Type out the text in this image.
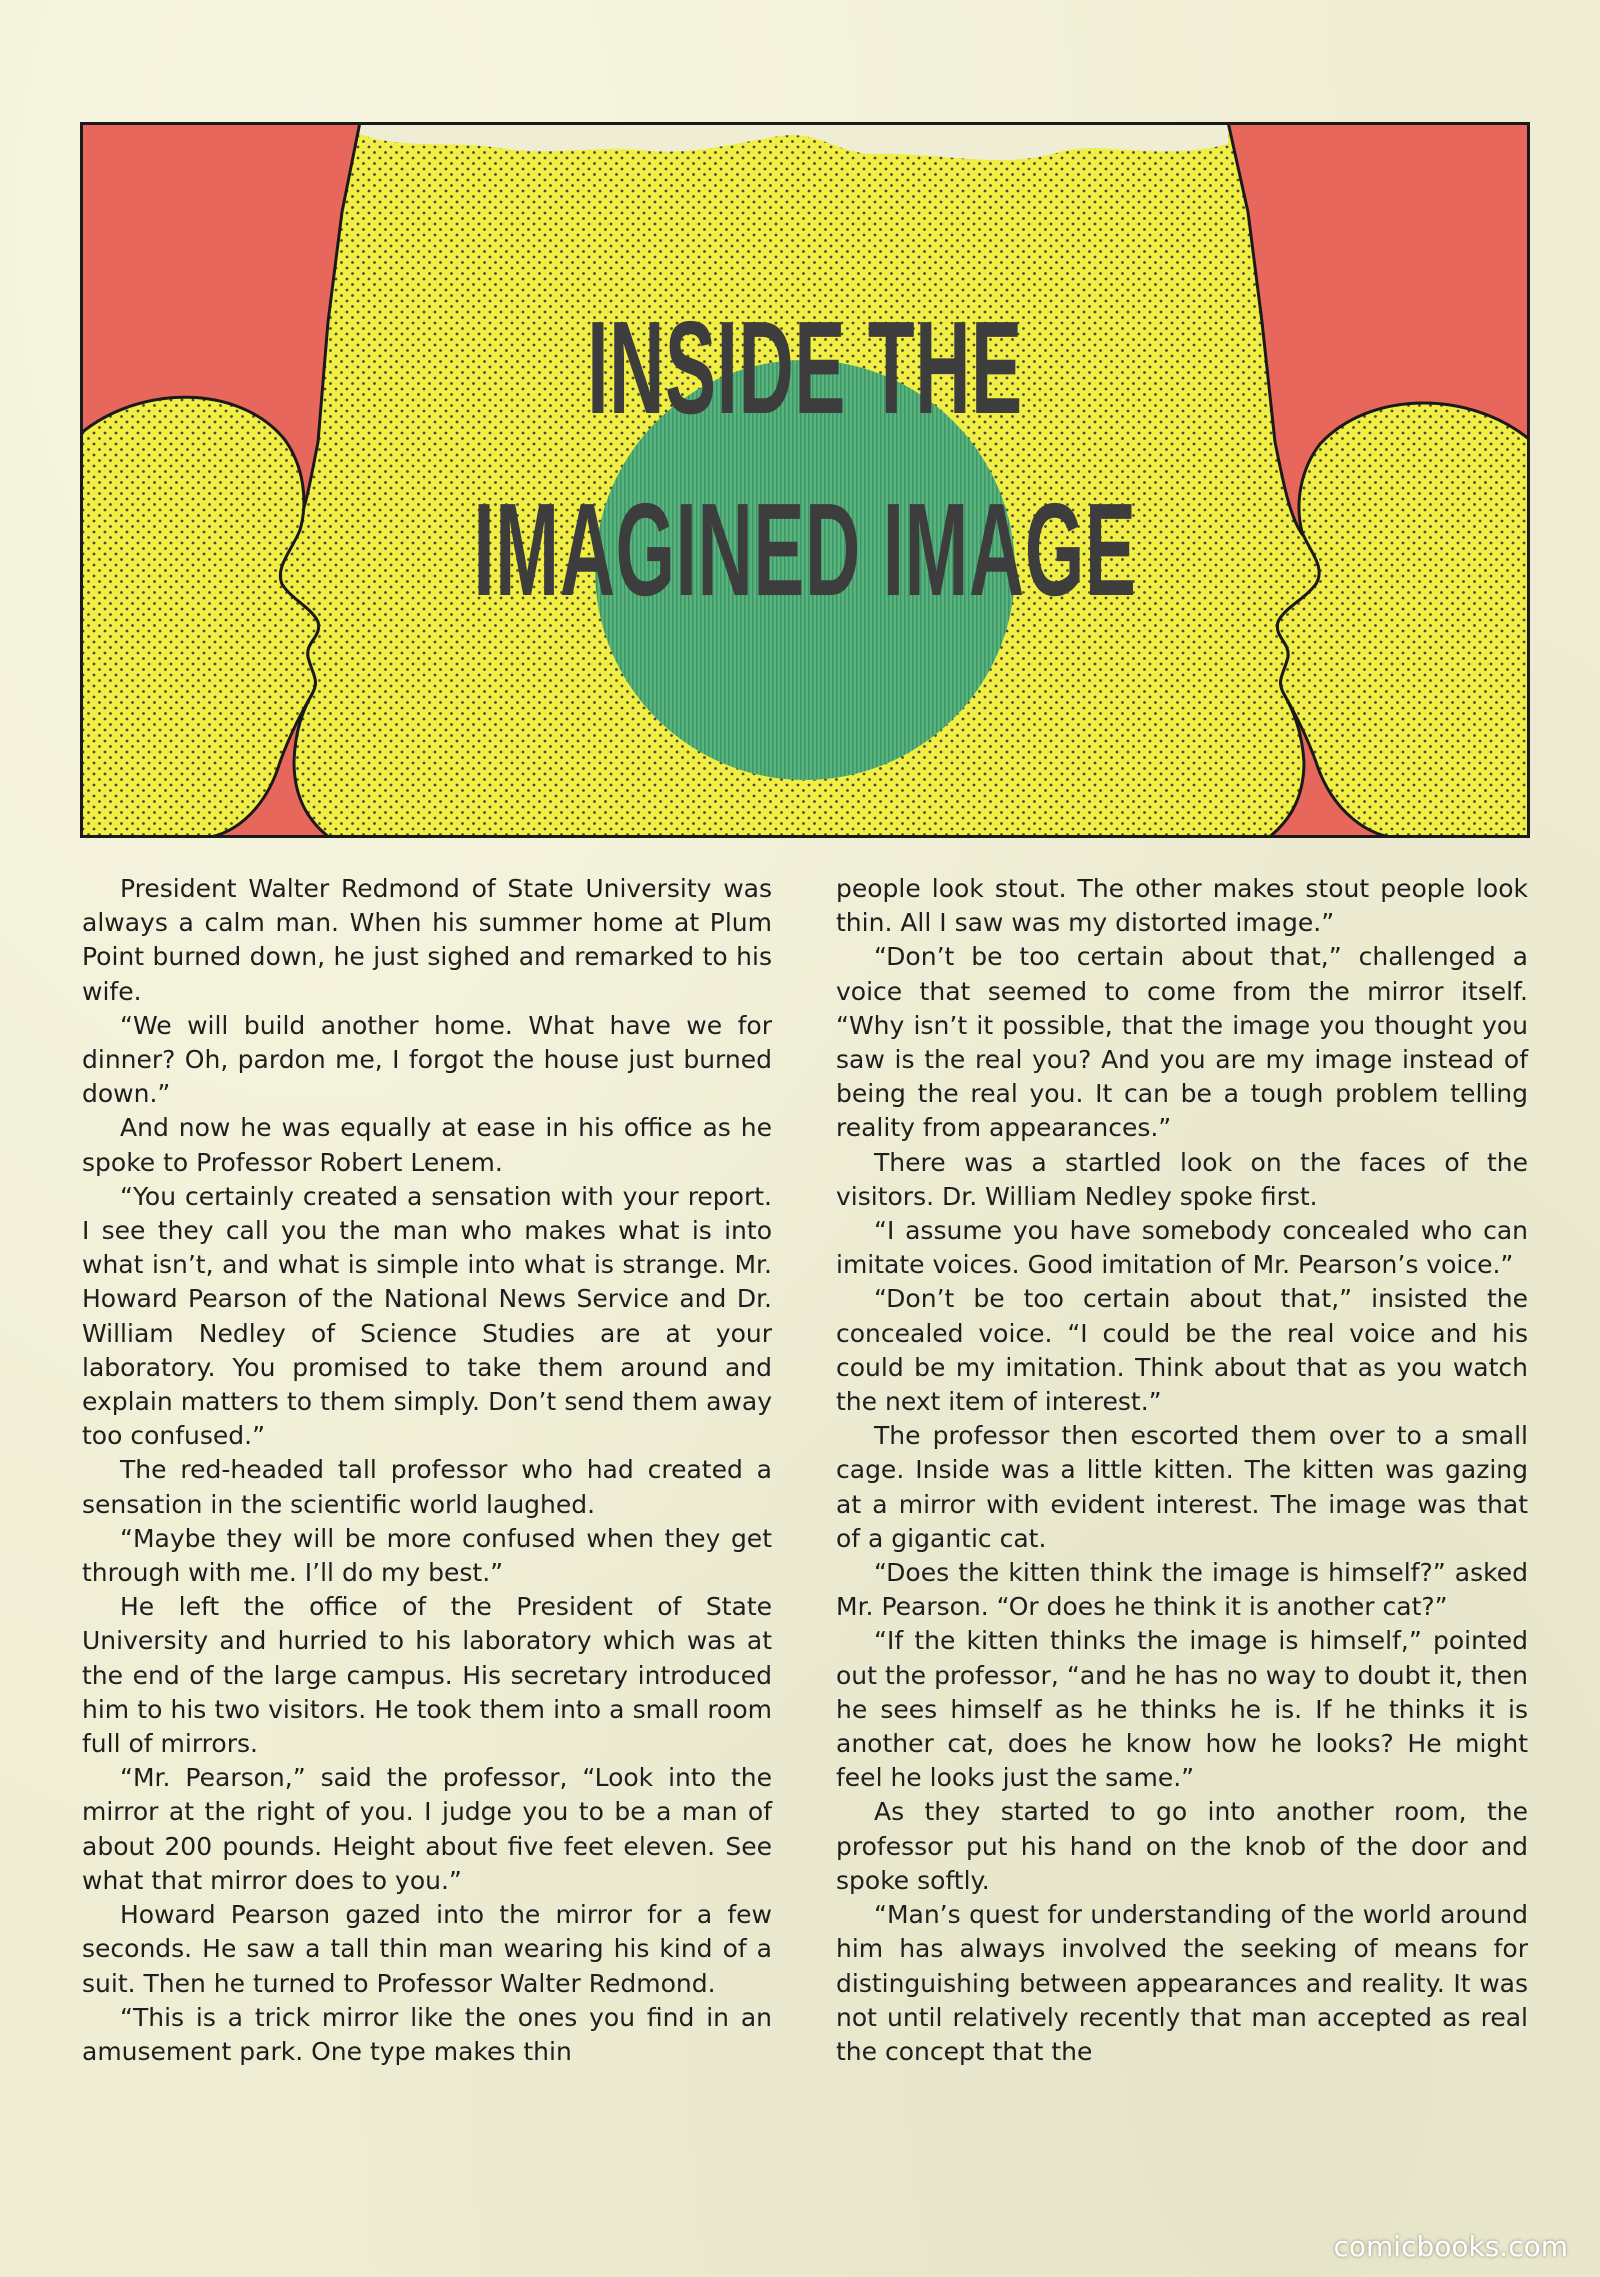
INSIDE THE
IMAGINED IMAGE

President Walter Redmond of State University was always a calm man. When his summer home at Plum Point burned down, he just sighed and remarked to his wife.

“We will build another home. What have we for dinner? Oh, pardon me, I forgot the house just burned down.”

And now he was equally at ease in his office as he spoke to Professor Robert Lenem.

“You certainly created a sensation with your report. I see they call you the man who makes what is into what isn’t, and what is simple into what is strange. Mr. Howard Pearson of the National News Service and Dr. William Nedley of Science Studies are at your laboratory. You promised to take them around and explain matters to them simply. Don’t send them away too confused.”

The red-headed tall professor who had created a sensation in the scientific world laughed.

“Maybe they will be more confused when they get through with me. I’ll do my best.”

He left the office of the President of State University and hurried to his laboratory which was at the end of the large campus. His secretary introduced him to his two visitors. He took them into a small room full of mirrors.

“Mr. Pearson,” said the professor, “Look into the mirror at the right of you. I judge you to be a man of about 200 pounds. Height about five feet eleven. See what that mirror does to you.”

Howard Pearson gazed into the mirror for a few seconds. He saw a tall thin man wearing his kind of a suit. Then he turned to Professor Walter Redmond.

“This is a trick mirror like the ones you find in an amusement park. One type makes thin

people look stout. The other makes stout people look thin. All I saw was my distorted image.”

“Don’t be too certain about that,” challenged a voice that seemed to come from the mirror itself. “Why isn’t it possible, that the image you thought you saw is the real you? And you are my image instead of being the real you. It can be a tough problem telling reality from appearances.”

There was a startled look on the faces of the visitors. Dr. William Nedley spoke first.

“I assume you have somebody concealed who can imitate voices. Good imitation of Mr. Pearson’s voice.”

“Don’t be too certain about that,” insisted the concealed voice. “I could be the real voice and his could be my imitation. Think about that as you watch the next item of interest.”

The professor then escorted them over to a small cage. Inside was a little kitten. The kitten was gazing at a mirror with evident interest. The image was that of a gigantic cat.

“Does the kitten think the image is himself?” asked Mr. Pearson. “Or does he think it is another cat?”

“If the kitten thinks the image is himself,” pointed out the professor, “and he has no way to doubt it, then he sees himself as he thinks he is. If he thinks it is another cat, does he know how he looks? He might feel he looks just the same.”

As they started to go into another room, the professor put his hand on the knob of the door and spoke softly.

“Man’s quest for understanding of the world around him has always involved the seeking of means for distinguishing between appearances and reality. It was not until relatively recently that man accepted as real the concept that the

comicbooks.com
